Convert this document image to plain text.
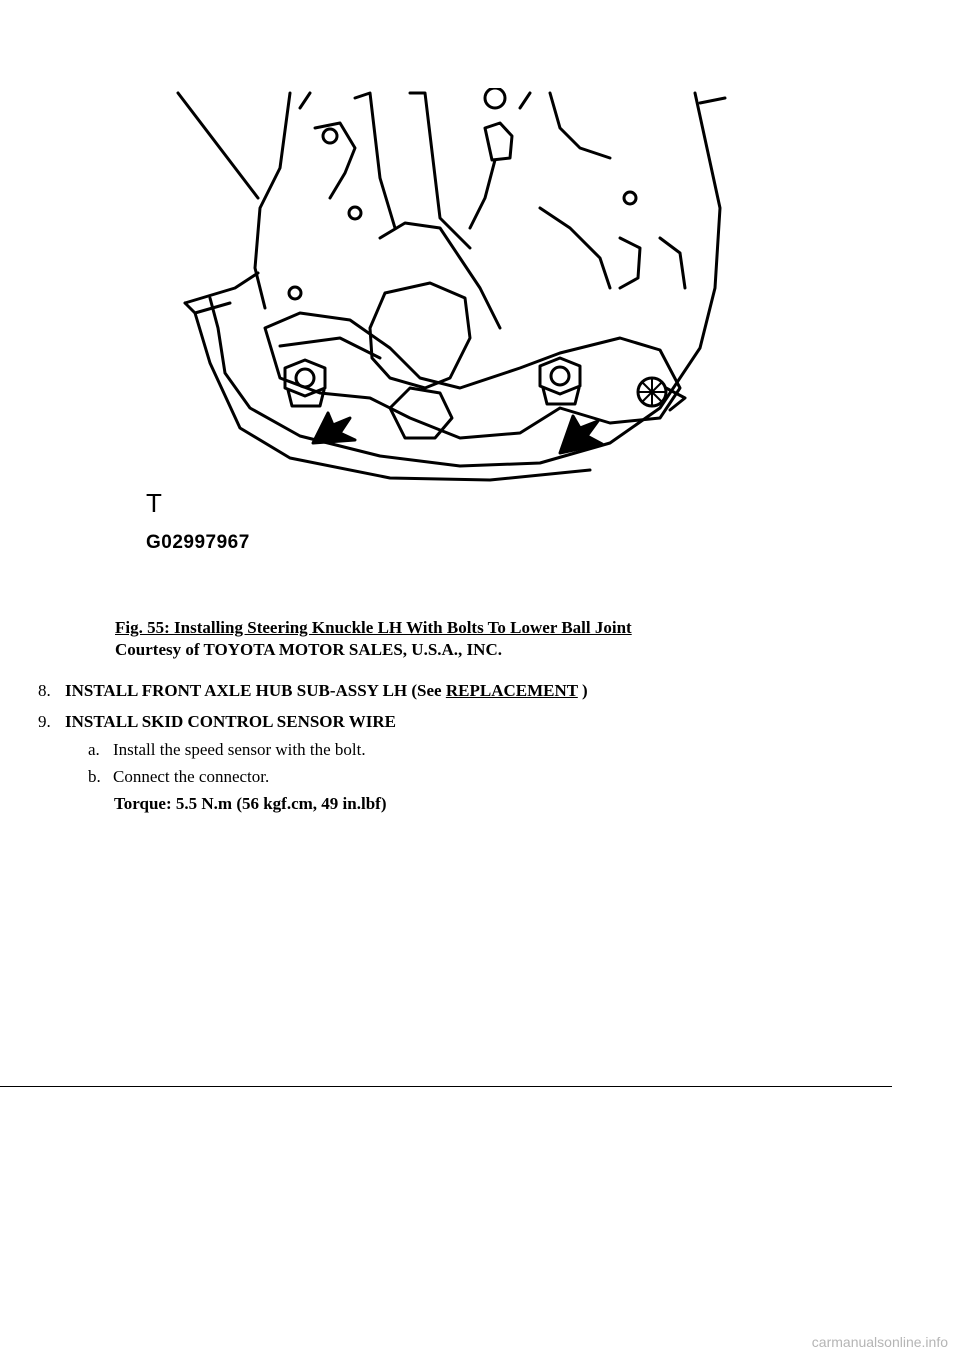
T
G02997967
Fig. 55: Installing Steering Knuckle LH With Bolts To Lower Ball Joint
Courtesy of TOYOTA MOTOR SALES, U.S.A., INC.
8. INSTALL FRONT AXLE HUB SUB-ASSY LH (See REPLACEMENT )
9. INSTALL SKID CONTROL SENSOR WIRE
a. Install the speed sensor with the bolt.
b. Connect the connector.
Torque: 5.5 N.m (56 kgf.cm, 49 in.lbf)
carmanualsonline.info
